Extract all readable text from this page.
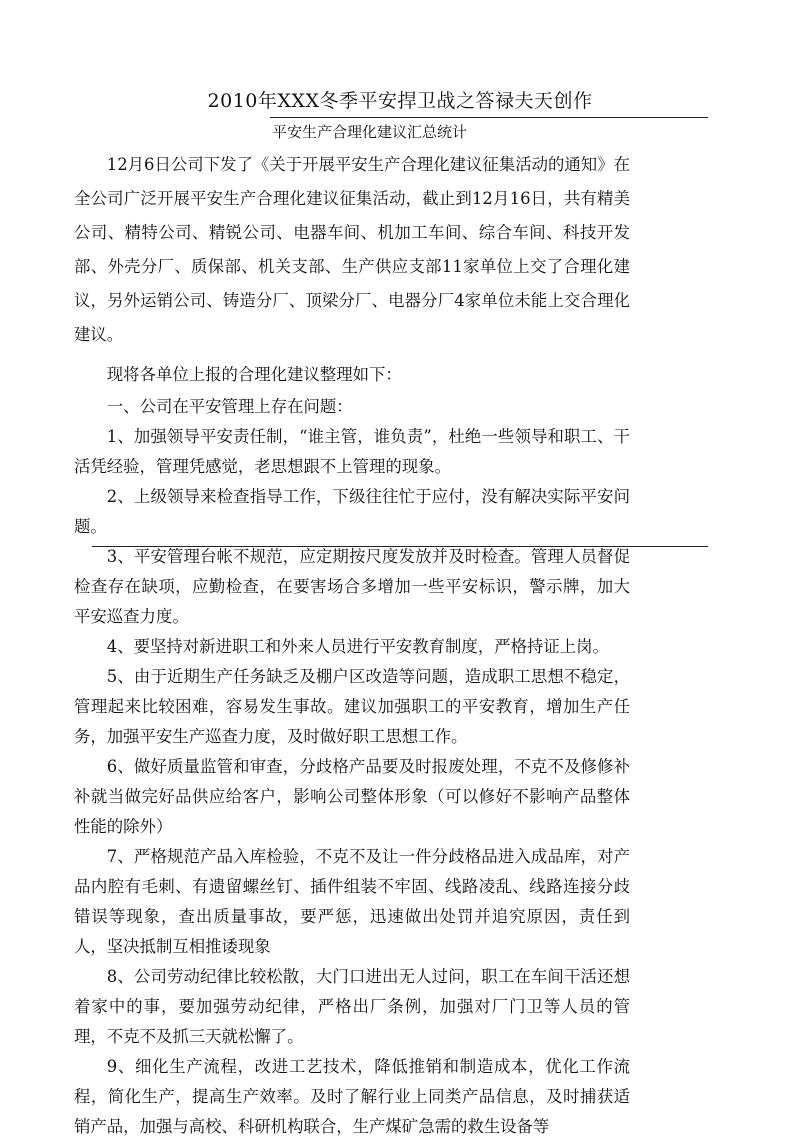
2010年XXX冬季平安捍卫战之答禄夫天创作
平安生产合理化建议汇总统计

12月6日公司下发了《关于开展平安生产合理化建议征集活动的通知》在全公司广泛开展平安生产合理化建议征集活动，截止到12月16日，共有精美公司、精特公司、精锐公司、电器车间、机加工车间、综合车间、科技开发部、外壳分厂、质保部、机关支部、生产供应支部11家单位上交了合理化建议，另外运销公司、铸造分厂、顶梁分厂、电器分厂4家单位未能上交合理化建议。

现将各单位上报的合理化建议整理如下：

一、公司在平安管理上存在问题：

1、加强领导平安责任制，“谁主管，谁负责”，杜绝一些领导和职工、干活凭经验，管理凭感觉，老思想跟不上管理的现象。

2、上级领导来检查指导工作，下级往往忙于应付，没有解决实际平安问题。

3、平安管理台帐不规范，应定期按尺度发放并及时检查。管理人员督促检查存在缺项，应勤检查，在要害场合多增加一些平安标识，警示牌，加大平安巡查力度。

4、要坚持对新进职工和外来人员进行平安教育制度，严格持证上岗。

5、由于近期生产任务缺乏及棚户区改造等问题，造成职工思想不稳定，管理起来比较困难，容易发生事故。建议加强职工的平安教育，增加生产任务，加强平安生产巡查力度，及时做好职工思想工作。

6、做好质量监管和审查，分歧格产品要及时报废处理，不克不及修修补补就当做完好品供应给客户，影响公司整体形象（可以修好不影响产品整体性能的除外）

7、严格规范产品入库检验，不克不及让一件分歧格品进入成品库，对产品内腔有毛刺、有遗留螺丝钉、插件组装不牢固、线路凌乱、线路连接分歧错误等现象，查出质量事故，要严惩，迅速做出处罚并追究原因，责任到人，坚决抵制互相推诿现象

8、公司劳动纪律比较松散，大门口进出无人过问，职工在车间干活还想着家中的事，要加强劳动纪律，严格出厂条例，加强对厂门卫等人员的管理，不克不及抓三天就松懈了。

9、细化生产流程，改进工艺技术，降低推销和制造成本，优化工作流程，简化生产，提高生产效率。及时了解行业上同类产品信息，及时捕获适销产品，加强与高校、科研机构联合，生产煤矿急需的救生设备等
